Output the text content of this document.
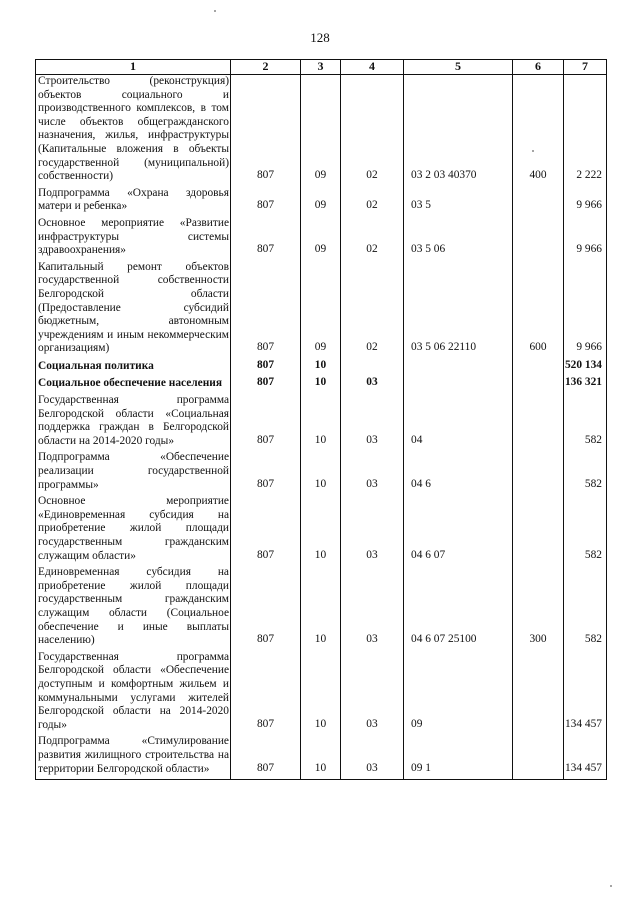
128
1	2	3	4	5	6	7
Строительство (реконструкция) объектов социального и производственного комплексов, в том числе объектов общегражданского назначения, жилья, инфраструктуры (Капитальные вложения в объекты государственной (муниципальной) собственности)	807	09	02	03 2 03 40370	400	2 222
Подпрограмма «Охрана здоровья матери и ребенка»	807	09	02	03 5		9 966
Основное мероприятие «Развитие инфраструктуры системы здравоохранения»	807	09	02	03 5 06		9 966
Капитальный ремонт объектов государственной собственности Белгородской области (Предоставление субсидий бюджетным, автономным учреждениям и иным некоммерческим организациям)	807	09	02	03 5 06 22110	600	9 966
Социальная политика	807	10				520 134
Социальное обеспечение населения	807	10	03			136 321
Государственная программа Белгородской области «Социальная поддержка граждан в Белгородской области на 2014-2020 годы»	807	10	03	04		582
Подпрограмма «Обеспечение реализации государственной программы»	807	10	03	04 6		582
Основное мероприятие «Единовременная субсидия на приобретение жилой площади государственным гражданским служащим области»	807	10	03	04 6 07		582
Единовременная субсидия на приобретение жилой площади государственным гражданским служащим области (Социальное обеспечение и иные выплаты населению)	807	10	03	04 6 07 25100	300	582
Государственная программа Белгородской области «Обеспечение доступным и комфортным жильем и коммунальными услугами жителей Белгородской области на 2014-2020 годы»	807	10	03	09		134 457
Подпрограмма «Стимулирование развития жилищного строительства на территории Белгородской области»	807	10	03	09 1		134 457
